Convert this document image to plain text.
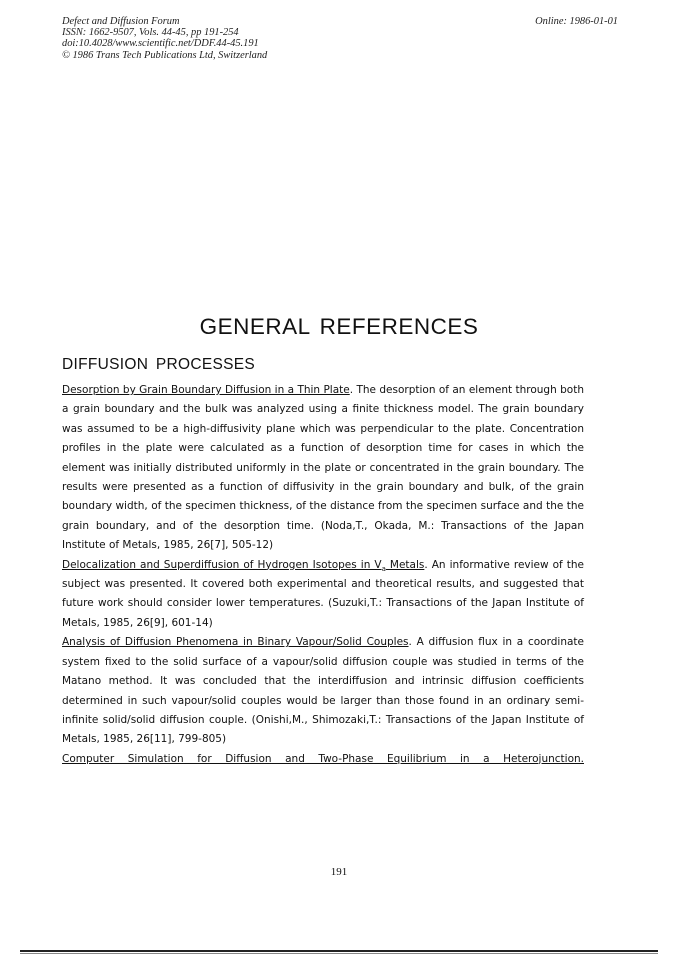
Defect and Diffusion Forum
ISSN: 1662-9507, Vols. 44-45, pp 191-254
doi:10.4028/www.scientific.net/DDF.44-45.191
© 1986 Trans Tech Publications Ltd, Switzerland
Online: 1986-01-01
GENERAL REFERENCES
DIFFUSION PROCESSES

Desorption by Grain Boundary Diffusion in a Thin Plate. The desorption of an element through both a grain boundary and the bulk was analyzed using a finite thickness model. The grain boundary was assumed to be a high-diffusivity plane which was perpendicular to the plate. Concentration profiles in the plate were calculated as a function of desorption time for cases in which the element was initially distributed uniformly in the plate or concentrated in the grain boundary. The results were presented as a function of diffusivity in the grain boundary and bulk, of the grain boundary width, of the specimen thickness, of the distance from the specimen surface and the the grain boundary, and of the desorption time. (Noda,T., Okada, M.: Transactions of the Japan Institute of Metals, 1985, 26[7], 505-12)

Delocalization and Superdiffusion of Hydrogen Isotopes in $V_a$ Metals. An informative review of the subject was presented. It covered both experimental and theoretical results, and suggested that future work should consider lower temperatures. (Suzuki,T.: Transactions of the Japan Institute of Metals, 1985, 26[9], 601-14)

Analysis of Diffusion Phenomena in Binary Vapour/Solid Couples. A diffusion flux in a coordinate system fixed to the solid surface of a vapour/solid diffusion couple was studied in terms of the Matano method. It was concluded that the interdiffusion and intrinsic diffusion coefficients determined in such vapour/solid couples would be larger than those found in an ordinary semi-infinite solid/solid diffusion couple. (Onishi,M., Shimozaki,T.: Transactions of the Japan Institute of Metals, 1985, 26[11], 799-805)

Computer Simulation for Diffusion and Two-Phase Equilibrium in a Heterojunction.

191
